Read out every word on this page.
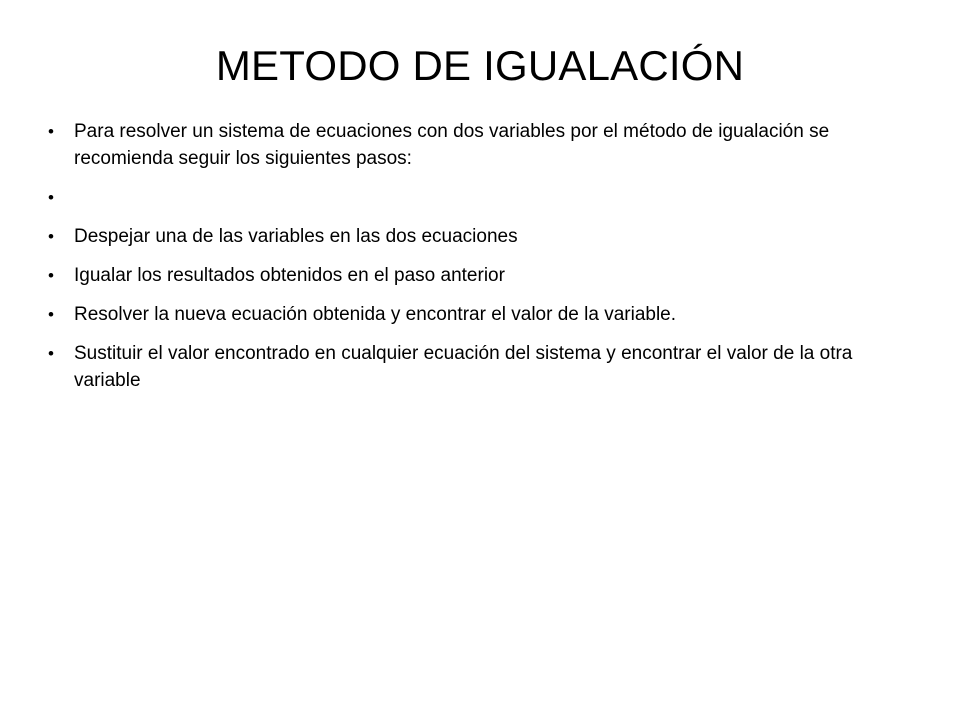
METODO DE IGUALACIÓN
•	Para resolver un sistema de ecuaciones con dos variables por el método de igualación se recomienda seguir los siguientes pasos:
•
•	Despejar una de las variables en las dos ecuaciones
•	Igualar los resultados obtenidos en el paso anterior
•	Resolver la nueva ecuación obtenida y encontrar el valor de la variable.
•	Sustituir el valor encontrado en cualquier ecuación del sistema y encontrar el valor de la otra variable
